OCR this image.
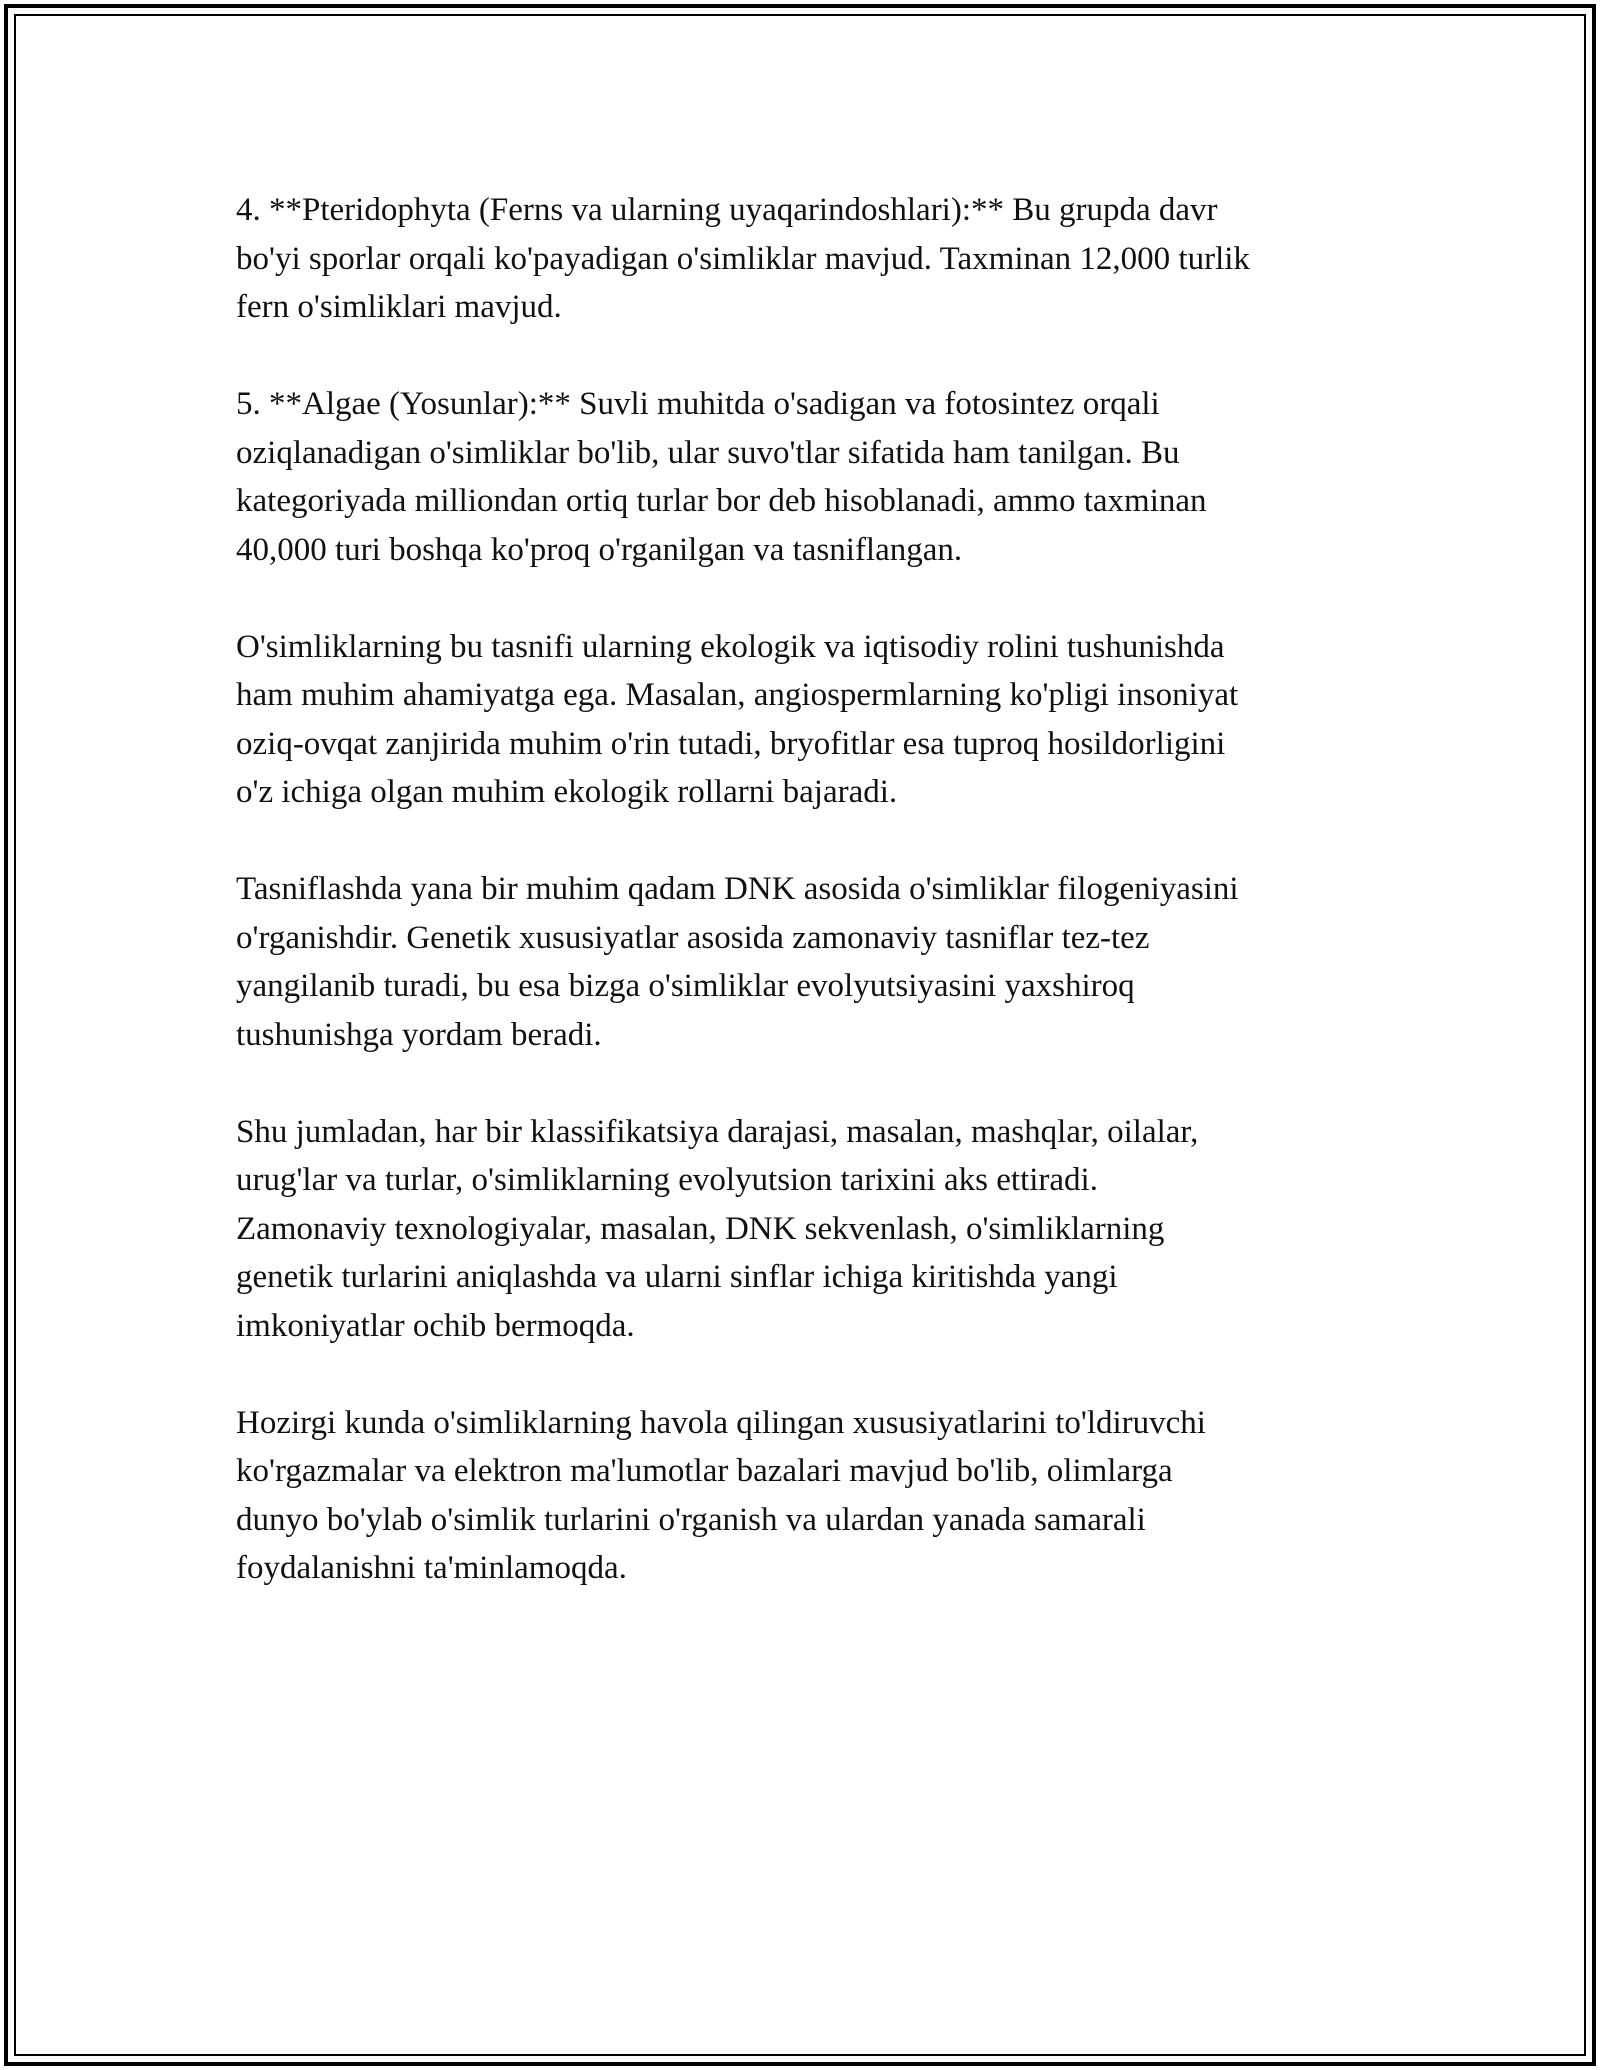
4. **Pteridophyta (Ferns va ularning uyaqarindoshlari):** Bu grupda davr
bo'yi sporlar orqali ko'payadigan o'simliklar mavjud. Taxminan 12,000 turlik
fern o'simliklari mavjud.

5. **Algae (Yosunlar):** Suvli muhitda o'sadigan va fotosintez orqali
oziqlanadigan o'simliklar bo'lib, ular suvo'tlar sifatida ham tanilgan. Bu
kategoriyada milliondan ortiq turlar bor deb hisoblanadi, ammo taxminan
40,000 turi boshqa ko'proq o'rganilgan va tasniflangan.

O'simliklarning bu tasnifi ularning ekologik va iqtisodiy rolini tushunishda
ham muhim ahamiyatga ega. Masalan, angiospermlarning ko'pligi insoniyat
oziq-ovqat zanjirida muhim o'rin tutadi, bryofitlar esa tuproq hosildorligini
o'z ichiga olgan muhim ekologik rollarni bajaradi.

Tasniflashda yana bir muhim qadam DNK asosida o'simliklar filogeniyasini
o'rganishdir. Genetik xususiyatlar asosida zamonaviy tasniflar tez-tez
yangilanib turadi, bu esa bizga o'simliklar evolyutsiyasini yaxshiroq
tushunishga yordam beradi.

Shu jumladan, har bir klassifikatsiya darajasi, masalan, mashqlar, oilalar,
urug'lar va turlar, o'simliklarning evolyutsion tarixini aks ettiradi.
Zamonaviy texnologiyalar, masalan, DNK sekvenlash, o'simliklarning
genetik turlarini aniqlashda va ularni sinflar ichiga kiritishda yangi
imkoniyatlar ochib bermoqda.

Hozirgi kunda o'simliklarning havola qilingan xususiyatlarini to'ldiruvchi
ko'rgazmalar va elektron ma'lumotlar bazalari mavjud bo'lib, olimlarga
dunyo bo'ylab o'simlik turlarini o'rganish va ulardan yanada samarali
foydalanishni ta'minlamoqda.
